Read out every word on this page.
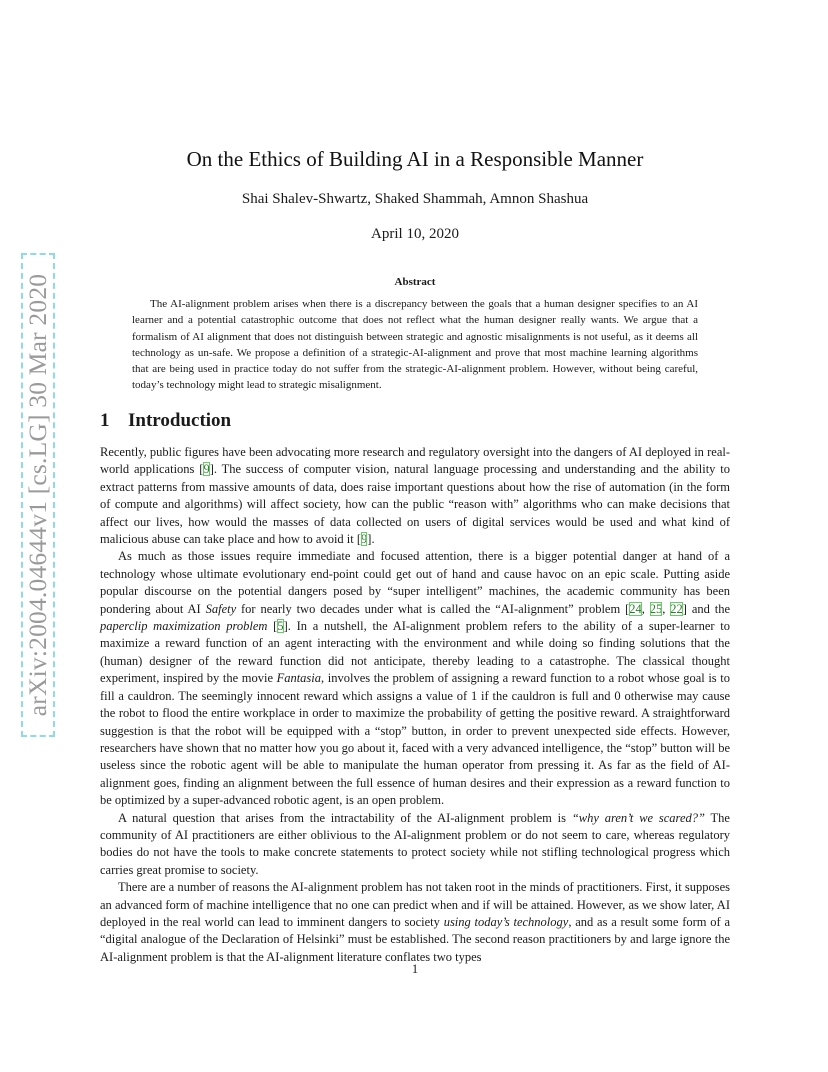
arXiv:2004.04644v1 [cs.LG] 30 Mar 2020
On the Ethics of Building AI in a Responsible Manner
Shai Shalev-Shwartz, Shaked Shammah, Amnon Shashua
April 10, 2020
Abstract

The AI-alignment problem arises when there is a discrepancy between the goals that a human designer specifies to an AI learner and a potential catastrophic outcome that does not reflect what the human designer really wants. We argue that a formalism of AI alignment that does not distinguish between strategic and agnostic misalignments is not useful, as it deems all technology as un-safe. We propose a definition of a strategic-AI-alignment and prove that most machine learning algorithms that are being used in practice today do not suffer from the strategic-AI-alignment problem. However, without being careful, today’s technology might lead to strategic misalignment.

1 Introduction

Recently, public figures have been advocating more research and regulatory oversight into the dangers of AI deployed in real-world applications [9]. The success of computer vision, natural language processing and understanding and the ability to extract patterns from massive amounts of data, does raise important questions about how the rise of automation (in the form of compute and algorithms) will affect society, how can the public “reason with” algorithms who can make decisions that affect our lives, how would the masses of data collected on users of digital services would be used and what kind of malicious abuse can take place and how to avoid it [9].

As much as those issues require immediate and focused attention, there is a bigger potential danger at hand of a technology whose ultimate evolutionary end-point could get out of hand and cause havoc on an epic scale. Putting aside popular discourse on the potential dangers posed by “super intelligent” machines, the academic community has been pondering about AI Safety for nearly two decades under what is called the “AI-alignment” problem [24, 25, 22] and the paperclip maximization problem [5]. In a nutshell, the AI-alignment problem refers to the ability of a super-learner to maximize a reward function of an agent interacting with the environment and while doing so finding solutions that the (human) designer of the reward function did not anticipate, thereby leading to a catastrophe. The classical thought experiment, inspired by the movie Fantasia, involves the problem of assigning a reward function to a robot whose goal is to fill a cauldron. The seemingly innocent reward which assigns a value of 1 if the cauldron is full and 0 otherwise may cause the robot to flood the entire workplace in order to maximize the probability of getting the positive reward. A straightforward suggestion is that the robot will be equipped with a “stop” button, in order to prevent unexpected side effects. However, researchers have shown that no matter how you go about it, faced with a very advanced intelligence, the “stop” button will be useless since the robotic agent will be able to manipulate the human operator from pressing it. As far as the field of AI-alignment goes, finding an alignment between the full essence of human desires and their expression as a reward function to be optimized by a super-advanced robotic agent, is an open problem.

A natural question that arises from the intractability of the AI-alignment problem is “why aren’t we scared?” The community of AI practitioners are either oblivious to the AI-alignment problem or do not seem to care, whereas regulatory bodies do not have the tools to make concrete statements to protect society while not stifling technological progress which carries great promise to society.

There are a number of reasons the AI-alignment problem has not taken root in the minds of practitioners. First, it supposes an advanced form of machine intelligence that no one can predict when and if will be attained. However, as we show later, AI deployed in the real world can lead to imminent dangers to society using today’s technology, and as a result some form of a “digital analogue of the Declaration of Helsinki” must be established. The second reason practitioners by and large ignore the AI-alignment problem is that the AI-alignment literature conflates two types

1
